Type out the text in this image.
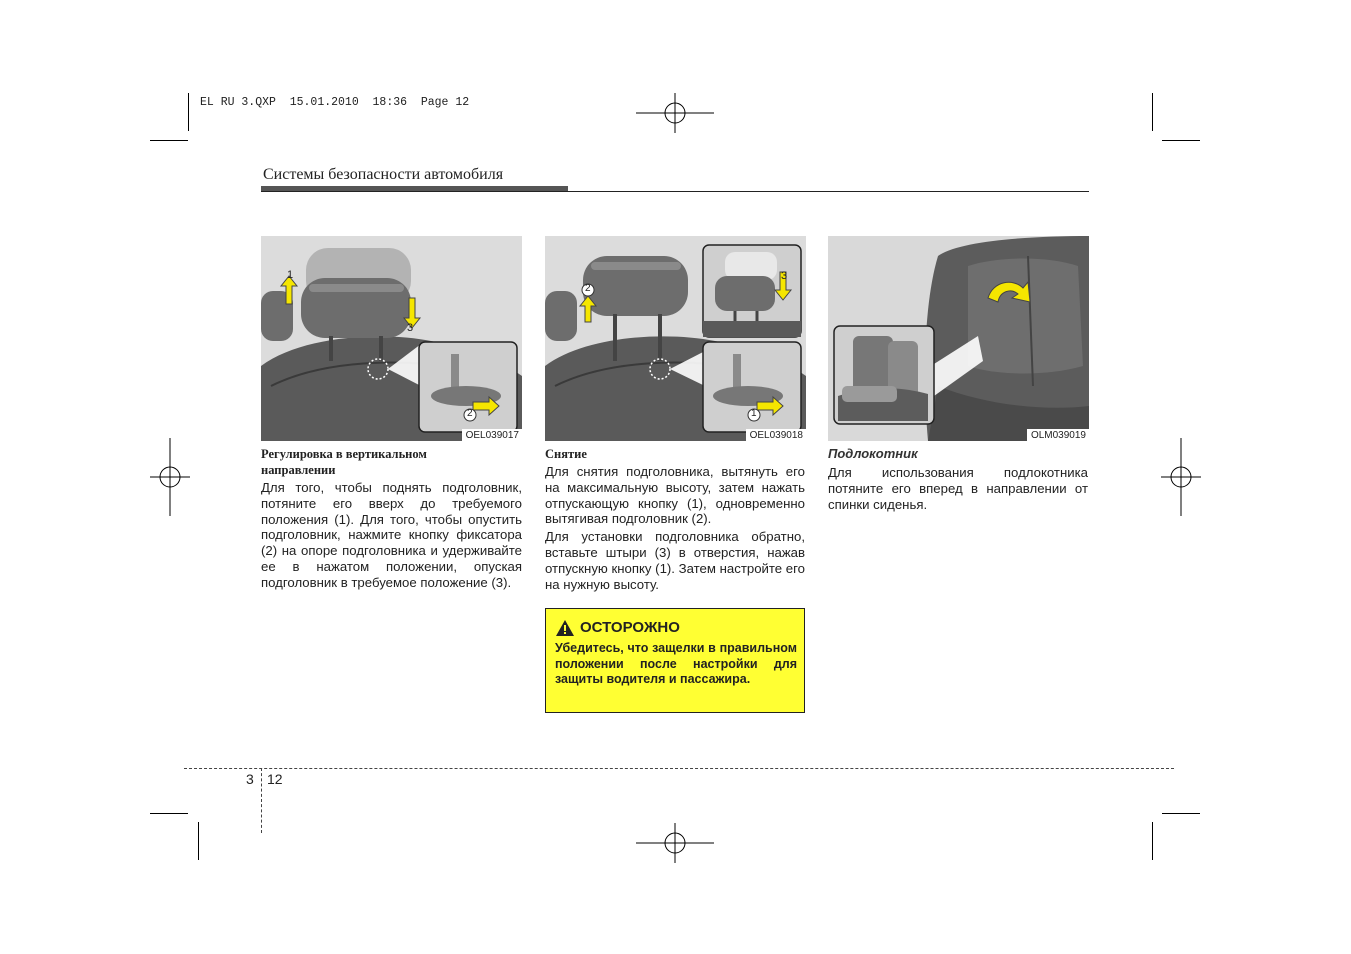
EL RU 3.QXP  15.01.2010  18:36  Page 12
Системы безопасности автомобиля
1
2
3
OEL039017
2
1
3
OEL039018	OLM039019
Регулировка в вертикальном направлении
Для того, чтобы поднять подголовник, потяните его вверх до требуемого положения (1). Для того, чтобы опустить подголовник, нажмите кнопку фиксатора (2) на опоре подголовника и удерживайте ее в нажатом положении, опуская подголовник в требуемое положение (3).
Снятие

Для снятия подголовника, вытянуть его на максимальную высоту, затем нажать отпускающую кнопку (1), одновременно вытягивая подголовник (2).

Для установки подголовника обратно, вставьте штыри (3) в отверстия, нажав отпускную кнопку (1). Затем настройте его на нужную высоту.

ОСТОРОЖНО
Убедитесь, что защелки в правильном положении после настройки для защиты водителя и пассажира.
Подлокотник
Для использования подлокотника потяните его вперед в направлении от спинки сиденья.
3 12
